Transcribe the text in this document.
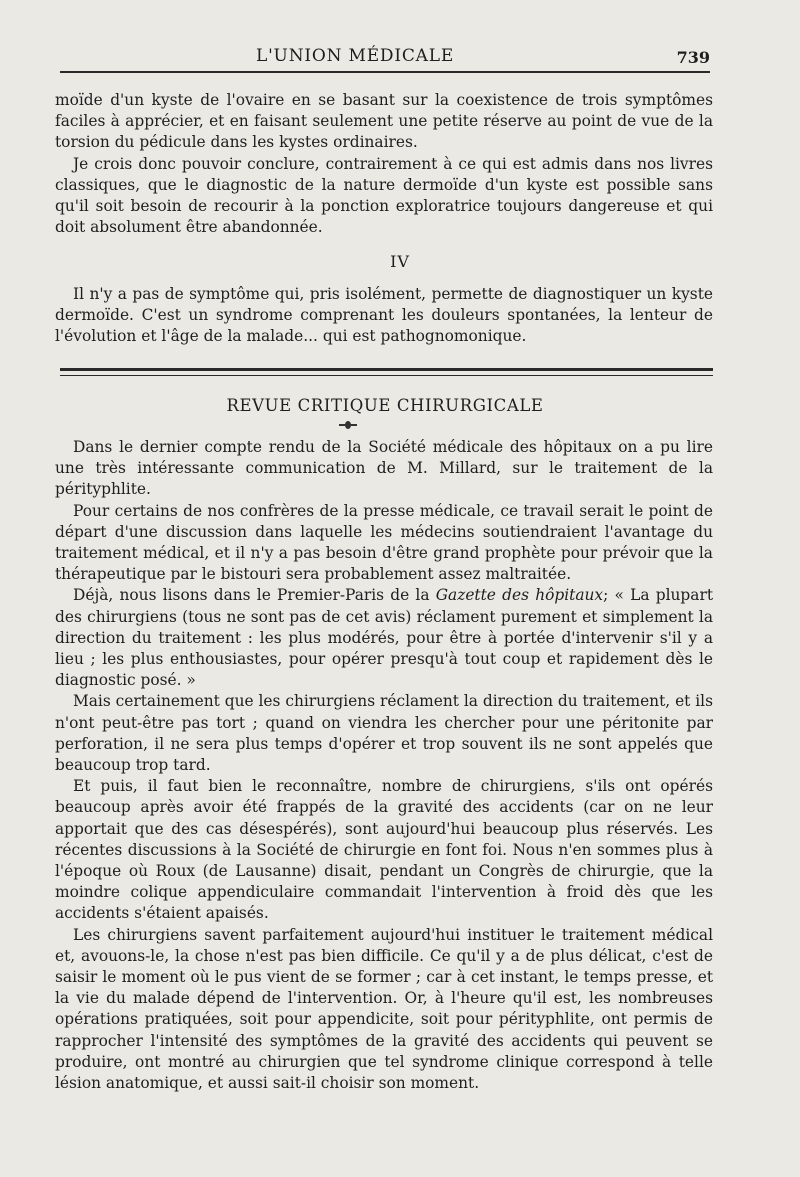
L'UNION MÉDICALE	739

moïde d'un kyste de l'ovaire en se basant sur la coexistence de trois symptômes faciles à apprécier, et en faisant seulement une petite réserve au point de vue de la torsion du pédicule dans les kystes ordinaires.

Je crois donc pouvoir conclure, contrairement à ce qui est admis dans nos livres classiques, que le diagnostic de la nature dermoïde d'un kyste est possible sans qu'il soit besoin de recourir à la ponction exploratrice toujours dangereuse et qui doit absolument être abandonnée.

IV

Il n'y a pas de symptôme qui, pris isolément, permette de diagnostiquer un kyste dermoïde. C'est un syndrome comprenant les douleurs spontanées, la lenteur de l'évolution et l'âge de la malade... qui est pathognomonique.

REVUE CRITIQUE CHIRURGICALE

Dans le dernier compte rendu de la Société médicale des hôpitaux on a pu lire une très intéressante communication de M. Millard, sur le traitement de la pérityphlite.

Pour certains de nos confrères de la presse médicale, ce travail serait le point de départ d'une discussion dans laquelle les médecins soutiendraient l'avantage du traitement médical, et il n'y a pas besoin d'être grand prophète pour prévoir que la thérapeutique par le bistouri sera probablement assez maltraitée.

Déjà, nous lisons dans le Premier-Paris de la Gazette des hôpitaux; « La plupart des chirurgiens (tous ne sont pas de cet avis) réclament purement et simplement la direction du traitement : les plus modérés, pour être à portée d'intervenir s'il y a lieu ; les plus enthousiastes, pour opérer presqu'à tout coup et rapidement dès le diagnostic posé. »

Mais certainement que les chirurgiens réclament la direction du traitement, et ils n'ont peut-être pas tort ; quand on viendra les chercher pour une péritonite par perforation, il ne sera plus temps d'opérer et trop souvent ils ne sont appelés que beaucoup trop tard.

Et puis, il faut bien le reconnaître, nombre de chirurgiens, s'ils ont opérés beaucoup après avoir été frappés de la gravité des accidents (car on ne leur apportait que des cas désespérés), sont aujourd'hui beaucoup plus réservés. Les récentes discussions à la Société de chirurgie en font foi. Nous n'en sommes plus à l'époque où Roux (de Lausanne) disait, pendant un Congrès de chirurgie, que la moindre colique appendiculaire commandait l'intervention à froid dès que les accidents s'étaient apaisés.

Les chirurgiens savent parfaitement aujourd'hui instituer le traitement médical et, avouons-le, la chose n'est pas bien difficile. Ce qu'il y a de plus délicat, c'est de saisir le moment où le pus vient de se former ; car à cet instant, le temps presse, et la vie du malade dépend de l'intervention. Or, à l'heure qu'il est, les nombreuses opérations pratiquées, soit pour appendicite, soit pour pérityphlite, ont permis de rapprocher l'intensité des symptômes de la gravité des accidents qui peuvent se produire, ont montré au chirurgien que tel syndrome clinique correspond à telle lésion anatomique, et aussi sait-il choisir son moment.
